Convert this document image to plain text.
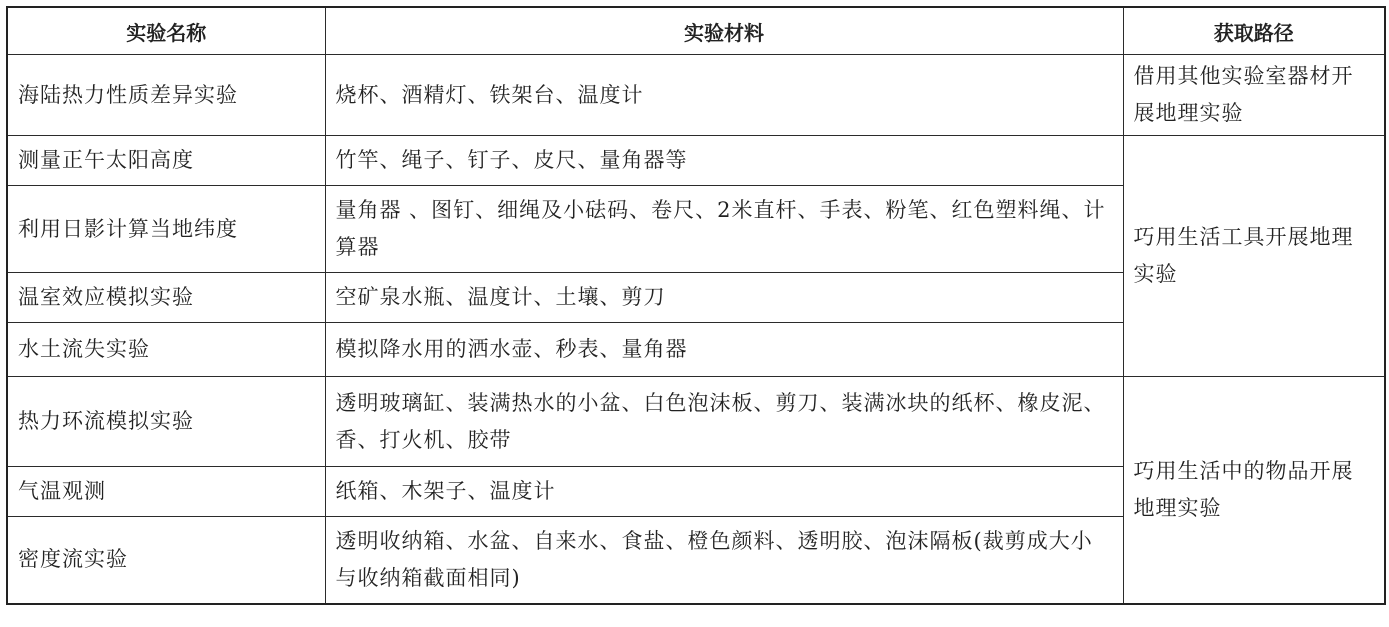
实验名称	实验材料	获取路径
海陆热力性质差异实验	烧杯、酒精灯、铁架台、温度计	借用其他实验室器材开展地理实验
测量正午太阳高度	竹竿、绳子、钉子、皮尺、量角器等	巧用生活工具开展地理实验
利用日影计算当地纬度	量角器 、图钉、细绳及小砝码、卷尺、2米直杆、手表、粉笔、红色塑料绳、计算器	
温室效应模拟实验	空矿泉水瓶、温度计、土壤、剪刀	
水土流失实验	模拟降水用的洒水壶、秒表、量角器	
热力环流模拟实验	透明玻璃缸、装满热水的小盆、白色泡沫板、剪刀、装满冰块的纸杯、橡皮泥、香、打火机、胶带	巧用生活中的物品开展地理实验
气温观测	纸箱、木架子、温度计	
密度流实验	透明收纳箱、水盆、自来水、食盐、橙色颜料、透明胶、泡沫隔板(裁剪成大小与收纳箱截面相同)	
